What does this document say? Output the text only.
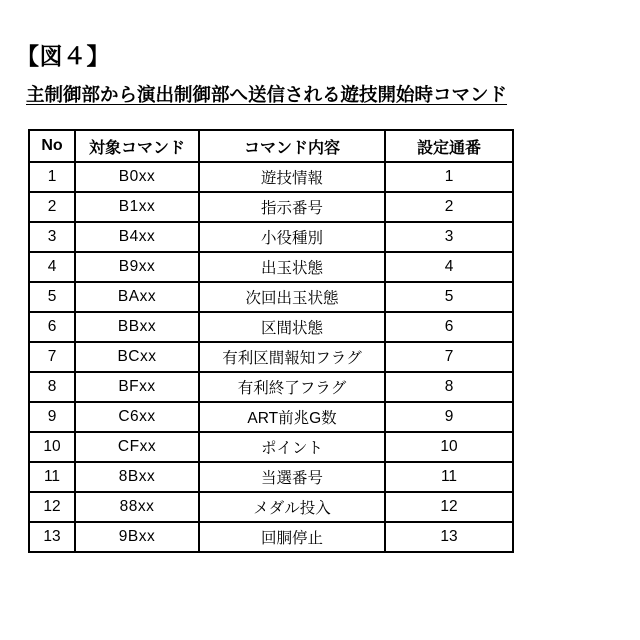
【図４】
主制御部から演出制御部へ送信される遊技開始時コマンド
No	対象コマンド	コマンド内容	設定通番
1	B0xx	遊技情報	1
2	B1xx	指示番号	2
3	B4xx	小役種別	3
4	B9xx	出玉状態	4
5	BAxx	次回出玉状態	5
6	BBxx	区間状態	6
7	BCxx	有利区間報知フラグ	7
8	BFxx	有利終了フラグ	8
9	C6xx	ART前兆G数	9
10	CFxx	ポイント	10
11	8Bxx	当選番号	11
12	88xx	メダル投入	12
13	9Bxx	回胴停止	13
